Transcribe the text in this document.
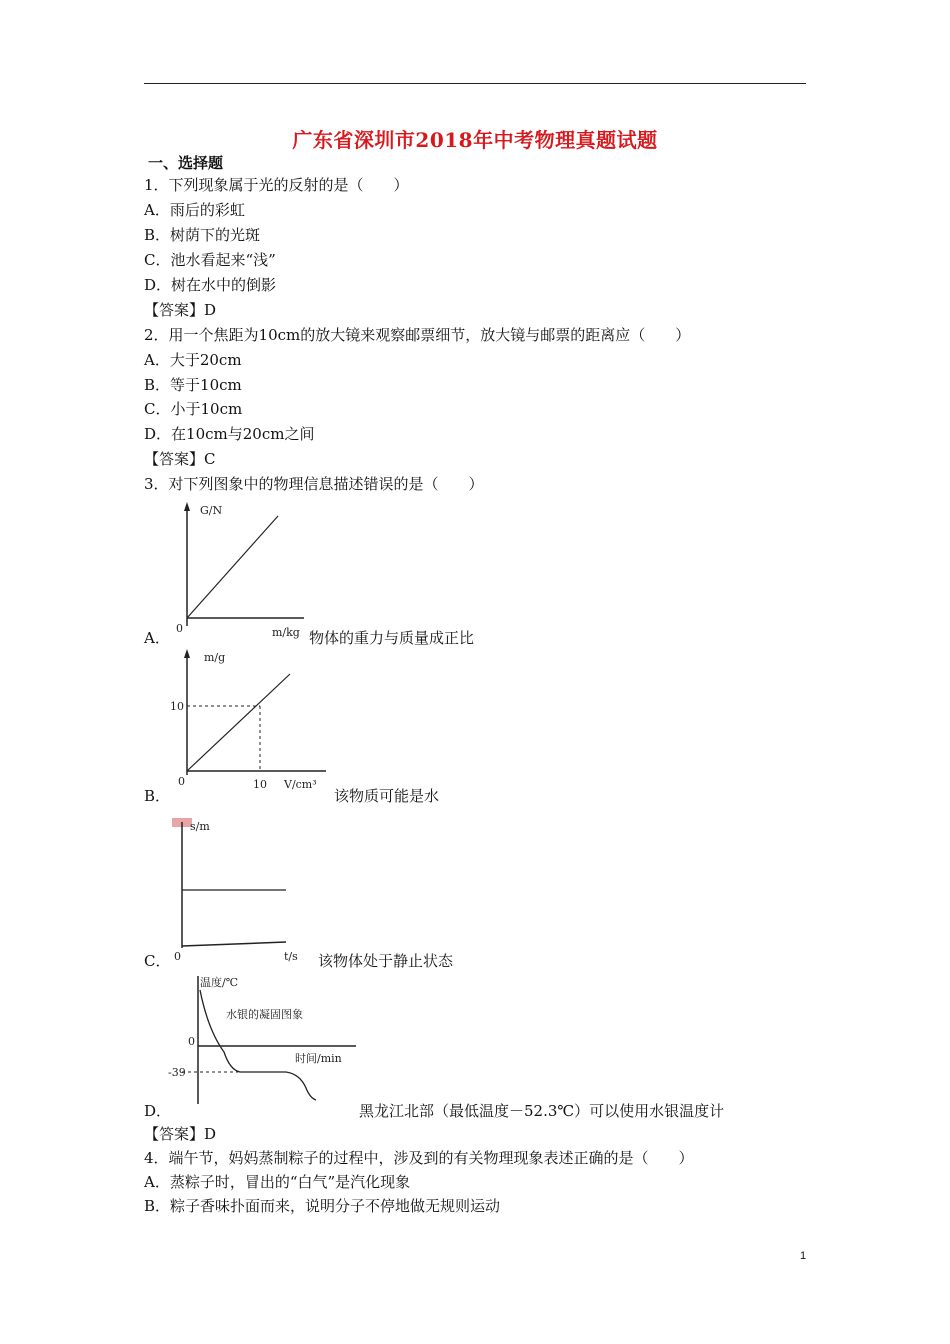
广东省深圳市2018年中考物理真题试题
一、选择题
1．下列现象属于光的反射的是（　　）
A．雨后的彩虹
B．树荫下的光斑
C．池水看起来“浅”
D．树在水中的倒影
【答案】D
2．用一个焦距为10cm的放大镜来观察邮票细节，放大镜与邮票的距离应（　　）
A．大于20cm
B．等于10cm
C．小于10cm
D．在10cm与20cm之间
【答案】C
3．对下列图象中的物理信息描述错误的是（　　）
G/N
0	m/kg
A．	物体的重力与质量成正比
m/g
10
0	10 V/cm³
B．	该物质可能是水
s/m
0	t/s
C．	该物体处于静止状态
温度/℃
水银的凝固图象
0
时间/min
-39
D．	黑龙江北部（最低温度－52.3℃）可以使用水银温度计
【答案】D
4．端午节，妈妈蒸制粽子的过程中，涉及到的有关物理现象表述正确的是（　　）
A．蒸粽子时，冒出的“白气”是汽化现象
B．粽子香味扑面而来，说明分子不停地做无规则运动
1
